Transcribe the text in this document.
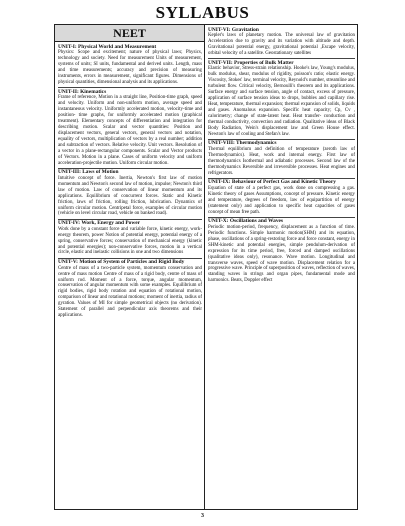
SYLLABUS
NEET
UNIT-I: Physical World and Measurement

Physics: Scope and excitement; nature of physical laws; Physics, technology and society. Need for measurement Units of measurement, systems of units; SI units, fundamental and derived units. Length, mass and time measurements; accuracy and precision of measuring instruments, errors in measurement, significant figures. Dimensions of physical quantities, dimensional analysis and its applications.

UNIT-II: Kinematics

Frame of reference, Motion in a straight line, Position-time graph, speed and velocity. Uniform and non-uniform motion, average speed and instantaneous velocity. Uniformly accelerated motion, velocity-time and position- time graphs, for uniformly accelerated motion (graphical treatment). Elementary concepts of differentiation and integration for describing motion. Scalar and vector quantities: Position and displacement vectors, general vectors, general vectors and notation, equality of vectors, multiplication of vectors by a real number; addition and subtraction of vectors. Relative velocity. Unit vectors. Resolution of a vector in a plane-rectangular components. Scalar and Vector products of Vectors. Motion in a plane. Cases of uniform velocity and uniform acceleration-projectile motion. Uniform circular motion.

UNIT-III: Laws of Motion

Intuitive concept of force. Inertia, Newton's first law of motion momentum and Newton's second law of motion, impulse; Newton's third law of motion. Law of conservation of linear momentum and its applications. Equilibrium of concurrent forces. Static and Kinetic friction, laws of friction, rolling friction, lubrication. Dynamics of uniform circular motion. Centripetal force, examples of circular motion (vehicle on level circular road, vehicle on banked road).

UNIT-IV: Work, Energy and Power

Work done by a constant force and variable force, kinetic energy, work-energy theorem, power Notion of potential energy, potential energy of a spring, conservative forces; conservation of mechanical energy (kinetic and potential energies); non-conservative forces, motion in a vertical circle, elastic and inelastic collisions in one and two dimensions

UNIT-V: Motion of System of Particles and Rigid Body

Centre of mass of a two-particle system, momentum conservation and centre of mass motion Centre of mass of a rigid body, centre of mass of uniform rod. Moment of a force, torque, angular momentum, conservation of angular momentum with some examples. Equilibrium of rigid bodies, rigid body rotation and equation of rotational motion, comparison of linear and rotational motions; moment of inertia, radius of gyration. Values of MI for simple geometrical objects (no derivation). Statement of parallel and perpendicular axis theorems and their applications.

UNIT-VI: Gravitation

Kepler's laws of planetary motion. The universal law of gravitation Acceleration due to gravity and its variation with altitude and depth. Gravitational potential energy, gravitational potential ,Escape velocity, orbital velocity of a satellite. Geostationary satellites

UNIT-VII: Properties of Bulk Matter

Elastic behavior, Stress-strain relationship. Hooke's law, Young's modulus, bulk modulus, shear, modulus of rigidity, poisson's ratio; elastic energy. Viscosity, Stokes' law, terminal velocity, Reynold's number, streamline and turbulent flow. Critical velocity, Bernoulli's theorem and its applications. Surface energy and surface tension, angle of contact, excess of pressure, application of surface tension ideas to drops, bubbles and capillary rise. Heat, temperature, thermal expansion; thermal expansion of solids, liquids and gases. Anomalous expansion. Specific heat capacity; Cp, Cv , calorimetry; change of state-latent heat. Heat transfer- conduction and thermal conductivity, convection and radiation. Qualitative ideas of Black Body Radiation, Wein's displacement law and Green House effect. Newton's law of cooling and Stefan's law.

UNIT-VIII: Thermodynamics

Thermal equilibrium and definition of temperature (zeroth law of Thermodynamics). Heat, work and internal energy. First law of thermodynamics Isothermal and adiabatic processes. Second law of the thermodynamics Reversible and irreversible processes. Heat engines and refrigerators.

UNIT-IX: Behaviour of Perfect Gas and Kinetic Theory

Equation of state of a perfect gas, work done on compressing a gas. Kinetic theory of gases Assumptions, concept of pressure. Kinetic energy and temperature, degrees of freedom, law of equipartition of energy (statement only) and application to specific heat capacities of gases concept of mean free path.

UNIT-X: Oscillations and Waves

Periodic motion-period, frequency, displacement as a function of time. Periodic functions. Simple harmonic motion(SHM) and its equation, phase, oscillations of a spring-restoring force and force constant, energy in SHM-kinetic and potential energies, simple pendulum-derivation of expression for its time period, free, forced and damped oscillations (qualitative ideas only), resonance. Wave motion. Longitudinal and transverse waves, speed of wave motion. Displacement relation for a progressive wave. Principle of superposition of waves, reflection of waves, standing waves in strings and organ pipes, fundamental mode and harmonics. Beats, Doppler effect

3
